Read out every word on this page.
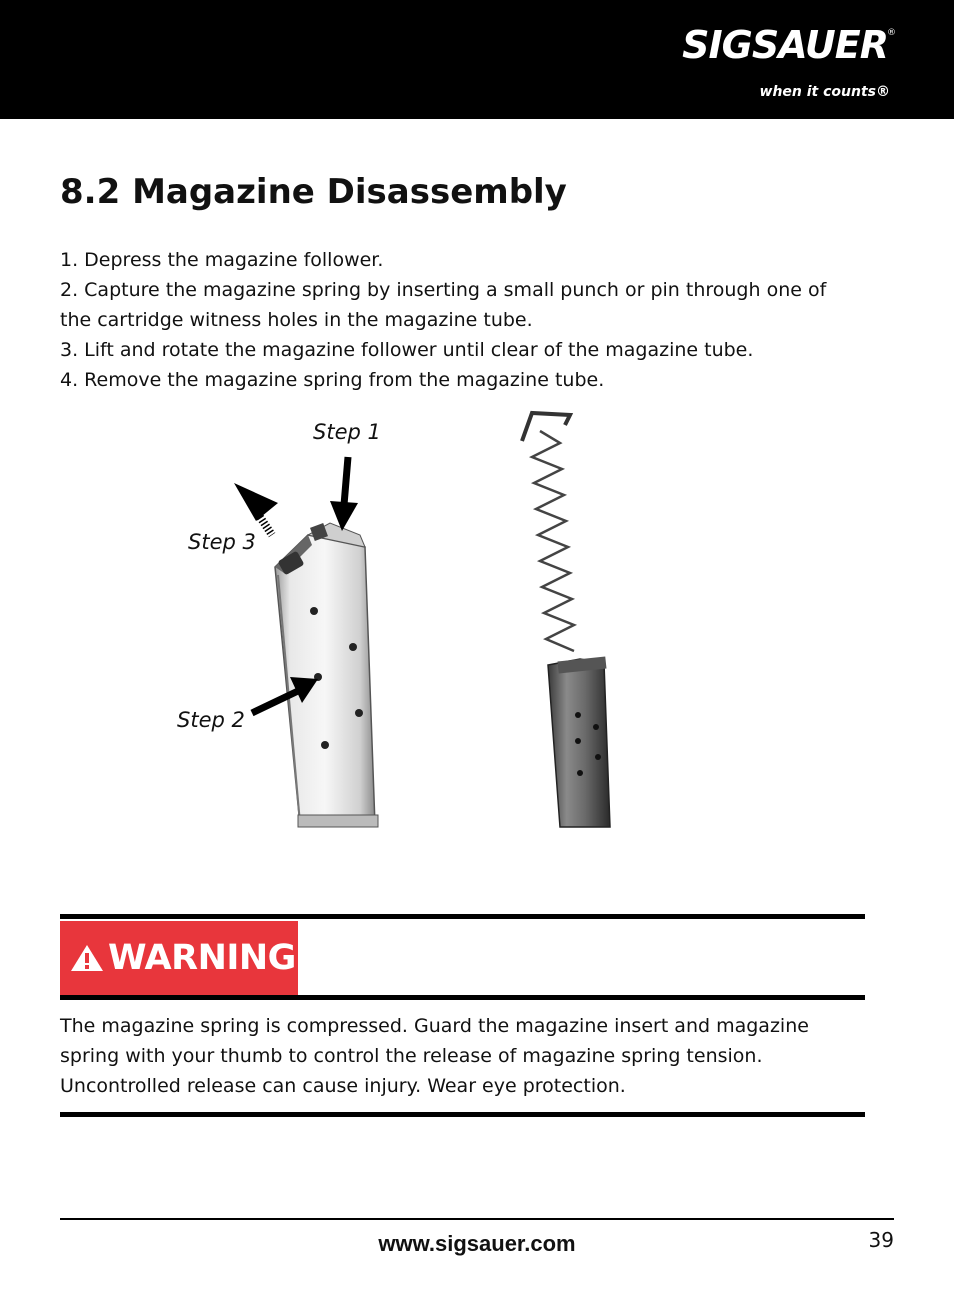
SIGSAUER ®
when it counts®
8.2 Magazine Disassembly

1. Depress the magazine follower.

2. Capture the magazine spring by inserting a small punch or pin through one of the cartridge witness holes in the magazine tube.

3. Lift and rotate the magazine follower until clear of the magazine tube.

4. Remove the magazine spring from the magazine tube.

Step 1
Step 3
Step 2
WARNING

The magazine spring is compressed. Guard the magazine insert and magazine spring with your thumb to control the release of magazine spring tension. Uncontrolled release can cause injury. Wear eye protection.

www.sigsauer.com	39
